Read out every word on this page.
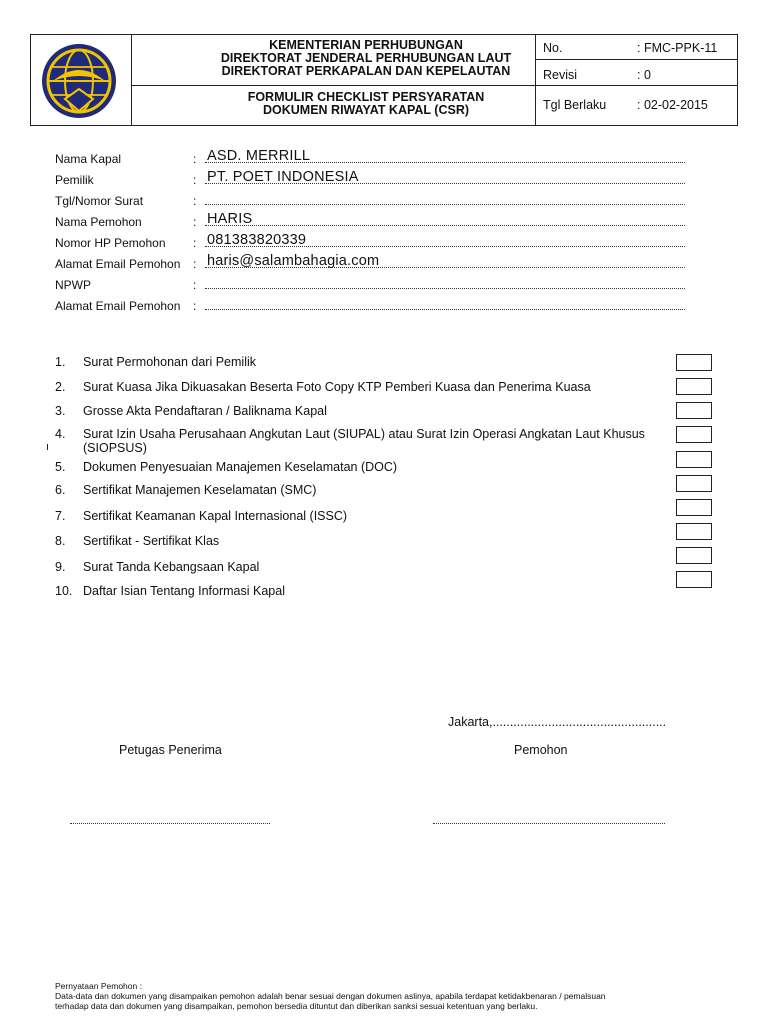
KEMENTERIAN PERHUBUNGAN
DIREKTORAT JENDERAL PERHUBUNGAN LAUT
DIREKTORAT PERKAPALAN DAN KEPELAUTAN
FORMULIR CHECKLIST PERSYARATAN
DOKUMEN RIWAYAT KAPAL (CSR)
No.	: FMC-PPK-11
Revisi	: 0
Tgl Berlaku : 02-02-2015
Nama Kapal	: ASD. MERRILL
Pemilik	: PT. POET INDONESIA
Tgl/Nomor Surat	:
Nama Pemohon	: HARIS
Nomor HP Pemohon : 081383820339
Alamat Email Pemohon : haris@salambahagia.com
NPWP	:
Alamat Email Pemohon :
1.	Surat Permohonan dari Pemilik
2.	Surat Kuasa Jika Dikuasakan Beserta Foto Copy KTP Pemberi Kuasa dan Penerima Kuasa
3.	Grosse Akta Pendaftaran / Baliknama Kapal
4.	Surat Izin Usaha Perusahaan Angkutan Laut (SIUPAL) atau Surat Izin Operasi Angkatan Laut Khusus (SIOPSUS)
5.	Dokumen Penyesuaian Manajemen Keselamatan (DOC)
6.	Sertifikat Manajemen Keselamatan (SMC)
7.	Sertifikat Keamanan Kapal Internasional (ISSC)
8.	Sertifikat - Sertifikat Klas
9.	Surat Tanda Kebangsaan Kapal
10. Daftar Isian Tentang Informasi Kapal
Jakarta,..................................................
Petugas Penerima	Pemohon
Pernyataan Pemohon :
Data-data dan dokumen yang disampaikan pemohon adalah benar sesuai dengan dokumen aslinya, apabila terdapat ketidakbenaran / pemalsuan
terhadap data dan dokumen yang disampaikan, pemohon bersedia dituntut dan diberikan sanksi sesuai ketentuan yang berlaku.
